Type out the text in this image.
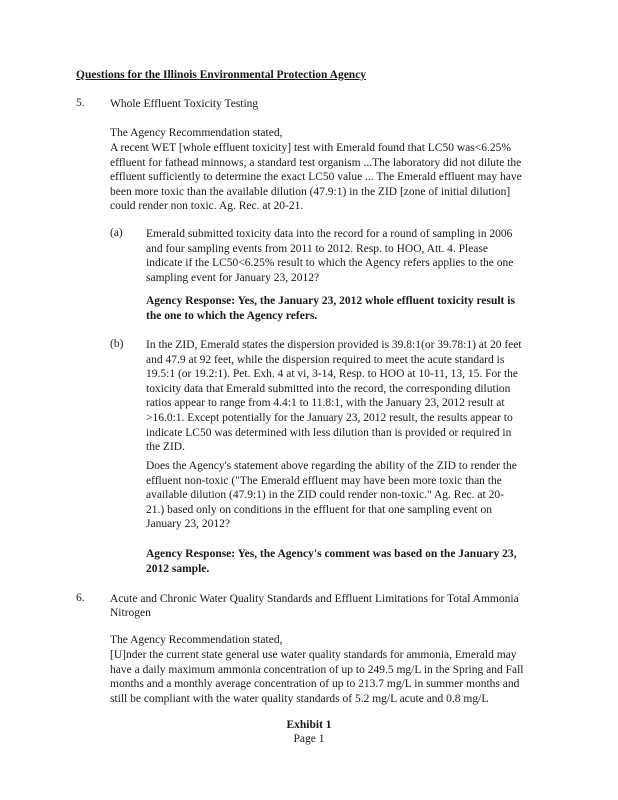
Questions for the Illinois Environmental Protection Agency
5. Whole Effluent Toxicity Testing
The Agency Recommendation stated,
A recent WET [whole effluent toxicity] test with Emerald found that LC50 was<6.25%
effluent for fathead minnows, a standard test organism ...The laboratory did not dilute the
effluent sufficiently to determine the exact LC50 value ... The Emerald effluent may have
been more toxic than the available dilution (47.9:1) in the ZID [zone of initial dilution]
could render non toxic. Ag. Rec. at 20-21.
(a) Emerald submitted toxicity data into the record for a round of sampling in 2006
and four sampling events from 2011 to 2012. Resp. to HOO, Att. 4. Please
indicate if the LC50<6.25% result to which the Agency refers applies to the one
sampling event for January 23, 2012?
Agency Response: Yes, the January 23, 2012 whole effluent toxicity result is
the one to which the Agency refers.
(b) In the ZID, Emerald states the dispersion provided is 39.8:1(or 39.78:1) at 20 feet
and 47.9 at 92 feet, while the dispersion required to meet the acute standard is
19.5:1 (or 19.2:1). Pet. Exh. 4 at vi, 3-14, Resp. to HOO at 10-11, 13, 15. For the
toxicity data that Emerald submitted into the record, the corresponding dilution
ratios appear to range from 4.4:1 to 11.8:1, with the January 23, 2012 result at
>16.0:1. Except potentially for the January 23, 2012 result, the results appear to
indicate LC50 was determined with less dilution than is provided or required in
the ZID.
Does the Agency's statement above regarding the ability of the ZID to render the
effluent non-toxic ("The Emerald effluent may have been more toxic than the
available dilution (47.9:1) in the ZID could render non-toxic." Ag. Rec. at 20-
21.) based only on conditions in the effluent for that one sampling event on
January 23, 2012?
Agency Response: Yes, the Agency's comment was based on the January 23,
2012 sample.
6. Acute and Chronic Water Quality Standards and Effluent Limitations for Total Ammonia
Nitrogen
The Agency Recommendation stated,
[U]nder the current state general use water quality standards for ammonia, Emerald may
have a daily maximum ammonia concentration of up to 249.5 mg/L in the Spring and Fall
months and a monthly average concentration of up to 213.7 mg/L in summer months and
still be compliant with the water quality standards of 5.2 mg/L acute and 0.8 mg/L
Exhibit 1
Page 1
